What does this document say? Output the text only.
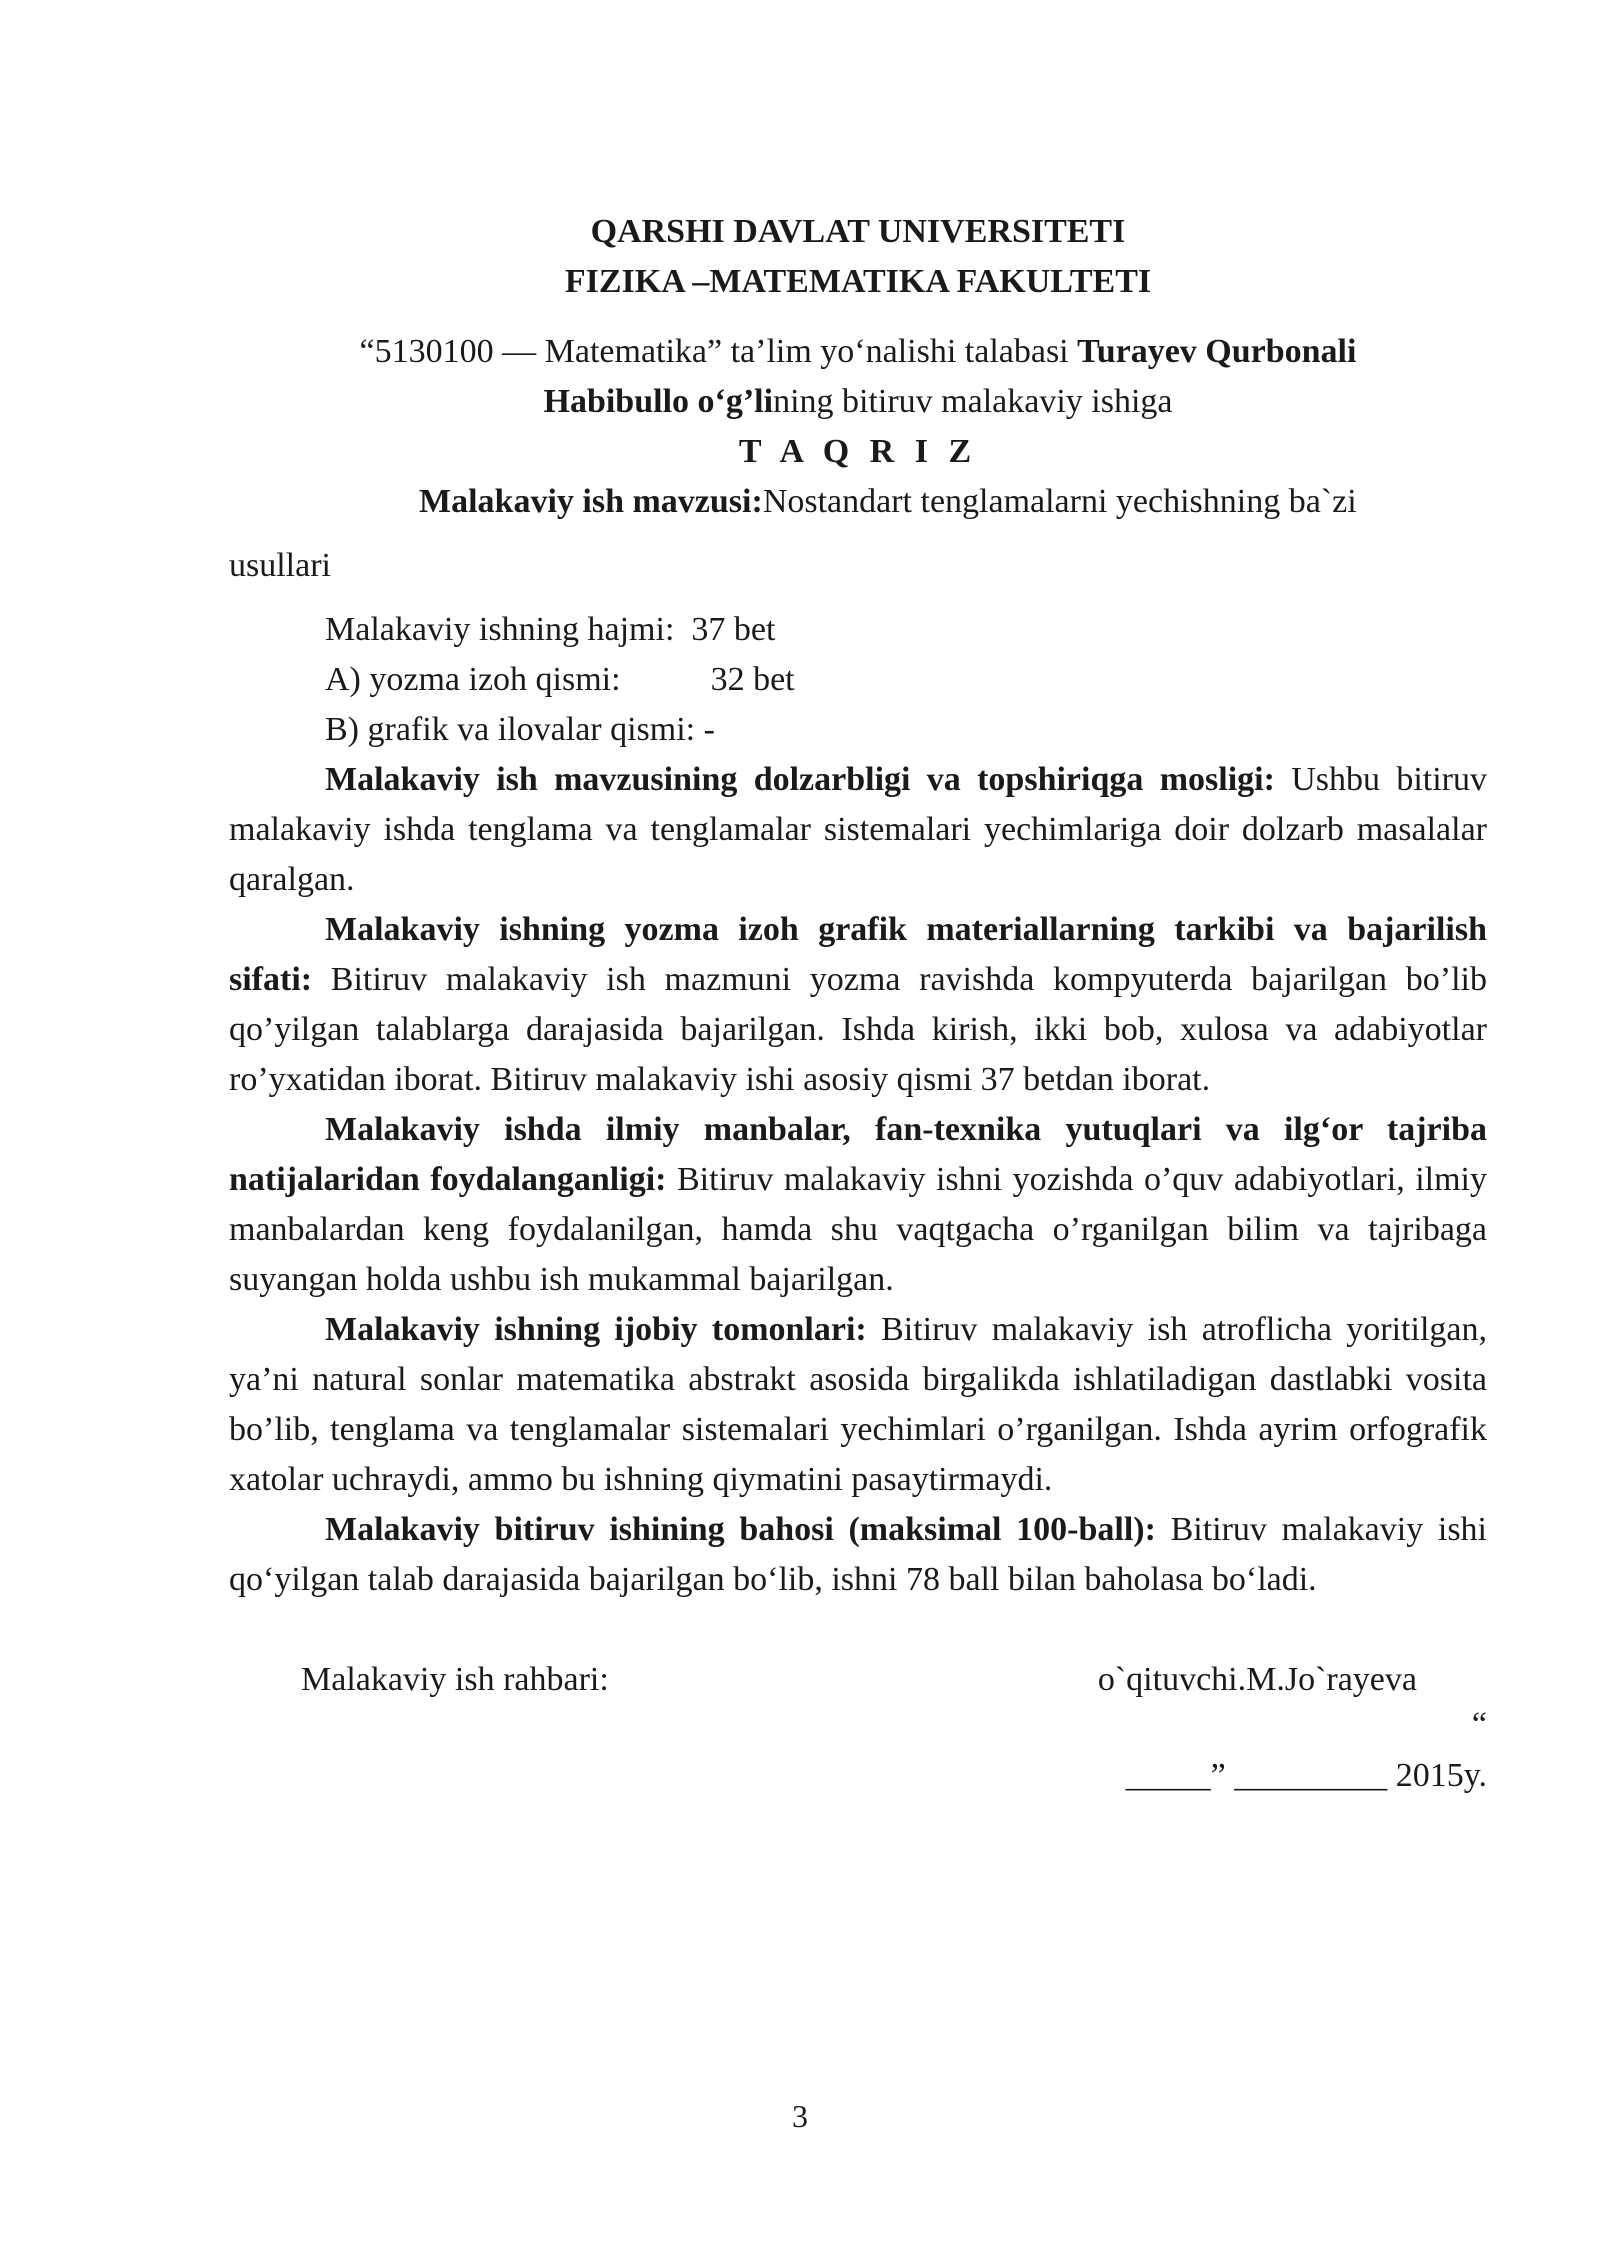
QARSHI DAVLAT UNIVERSITETI
FIZIKA –MATEMATIKA FAKULTETI
“5130100 — Matematika” ta’lim yo‘nalishi talabasi Turayev Qurbonali
Habibullo o‘g’lining bitiruv malakaviy ishiga
T A Q R I Z
Malakaviy ish mavzusi:Nostandart tenglamalarni yechishning ba`zi
usullari
Malakaviy ishning hajmi: 37 bet
A) yozma izoh qismi:	32 bet
B) grafik va ilovalar qismi: -

Malakaviy ish mavzusining dolzarbligi va topshiriqga mosligi: Ushbu bitiruv malakaviy ishda tenglama va tenglamalar sistemalari yechimlariga doir dolzarb masalalar qaralgan.

Malakaviy ishning yozma izoh grafik materiallarning tarkibi va bajarilish sifati: Bitiruv malakaviy ish mazmuni yozma ravishda kompyuterda bajarilgan bo’lib qo’yilgan talablarga darajasida bajarilgan. Ishda kirish, ikki bob, xulosa va adabiyotlar ro’yxatidan iborat. Bitiruv malakaviy ishi asosiy qismi 37 betdan iborat.

Malakaviy ishda ilmiy manbalar, fan-texnika yutuqlari va ilg‘or tajriba natijalaridan foydalanganligi: Bitiruv malakaviy ishni yozishda o’quv adabiyotlari, ilmiy manbalardan keng foydalanilgan, hamda shu vaqtgacha o’rganilgan bilim va tajribaga suyangan holda ushbu ish mukammal bajarilgan.

Malakaviy ishning ijobiy tomonlari: Bitiruv malakaviy ish atroflicha yoritilgan, ya’ni natural sonlar matematika abstrakt asosida birgalikda ishlatiladigan dastlabki vosita bo’lib, tenglama va tenglamalar sistemalari yechimlari o’rganilgan. Ishda ayrim orfografik xatolar uchraydi, ammo bu ishning qiymatini pasaytirmaydi.

Malakaviy bitiruv ishining bahosi (maksimal 100-ball): Bitiruv malakaviy ishi qo‘yilgan talab darajasida bajarilgan bo‘lib, ishni 78 ball bilan baholasa bo‘ladi.

Malakaviy ish rahbari:	o`qituvchi.M.Jo`rayeva
“
_____” _________ 2015y.
3
